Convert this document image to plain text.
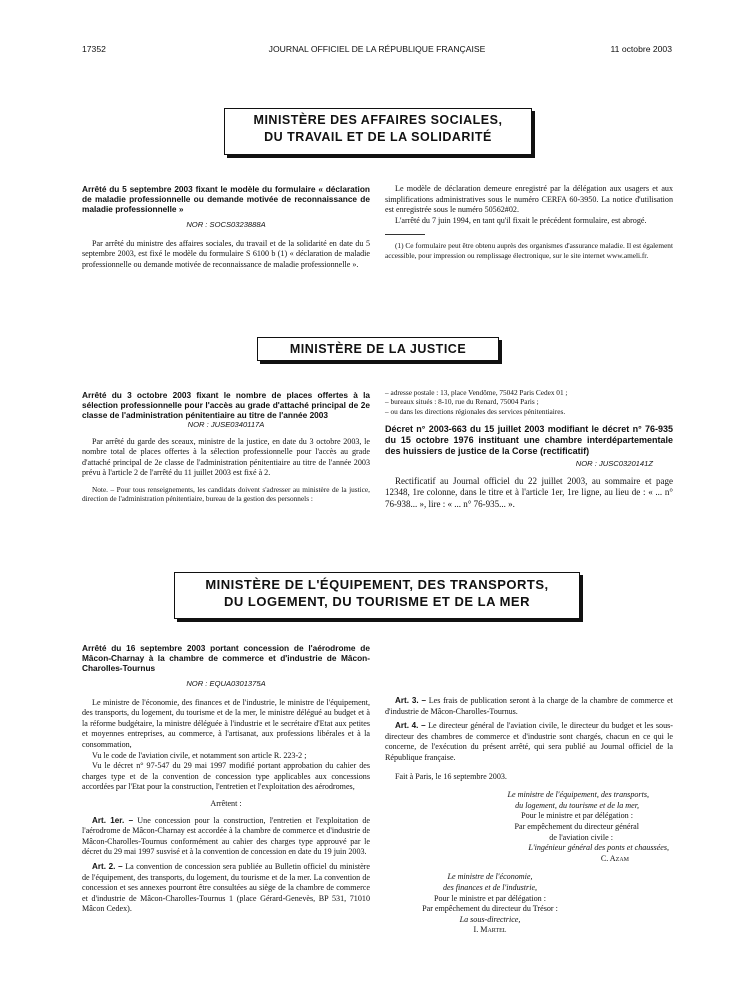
17352	JOURNAL OFFICIEL DE LA RÉPUBLIQUE FRANÇAISE	11 octobre 2003
MINISTÈRE DES AFFAIRES SOCIALES,
DU TRAVAIL ET DE LA SOLIDARITÉ

Arrêté du 5 septembre 2003 fixant le modèle du formulaire « déclaration de maladie professionnelle ou demande motivée de reconnaissance de maladie professionnelle »

NOR : SOCS0323888A

Par arrêté du ministre des affaires sociales, du travail et de la solidarité en date du 5 septembre 2003, est fixé le modèle du formulaire S 6100 b (1) « déclaration de maladie professionnelle ou demande motivée de reconnaissance de maladie professionnelle ».

Le modèle de déclaration demeure enregistré par la délégation aux usagers et aux simplifications administratives sous le numéro CERFA 60-3950. La notice d'utilisation est enregistrée sous le numéro 50562#02.

L'arrêté du 7 juin 1994, en tant qu'il fixait le précédent formulaire, est abrogé.

(1) Ce formulaire peut être obtenu auprès des organismes d'assurance maladie. Il est également accessible, pour impression ou remplissage électronique, sur le site internet www.ameli.fr.

MINISTÈRE DE LA JUSTICE

Arrêté du 3 octobre 2003 fixant le nombre de places offertes à la sélection professionnelle pour l'accès au grade d'attaché principal de 2e classe de l'administration pénitentiaire au titre de l'année 2003

NOR : JUSE0340117A

Par arrêté du garde des sceaux, ministre de la justice, en date du 3 octobre 2003, le nombre total de places offertes à la sélection professionnelle pour l'accès au grade d'attaché principal de 2e classe de l'administration pénitentiaire au titre de l'année 2003 prévu à l'article 2 de l'arrêté du 11 juillet 2003 est fixé à 2.

Note. – Pour tous renseignements, les candidats doivent s'adresser au ministère de la justice, direction de l'administration pénitentiaire, bureau de la gestion des personnels :

– adresse postale : 13, place Vendôme, 75042 Paris Cedex 01 ;

– bureaux situés : 8-10, rue du Renard, 75004 Paris ;

– ou dans les directions régionales des services pénitentiaires.

Décret n° 2003-663 du 15 juillet 2003 modifiant le décret n° 76-935 du 15 octobre 1976 instituant une chambre interdépartementale des huissiers de justice de la Corse (rectificatif)

NOR : JUSC0320141Z

Rectificatif au Journal officiel du 22 juillet 2003, au sommaire et page 12348, 1re colonne, dans le titre et à l'article 1er, 1re ligne, au lieu de : « ... n° 76-938... », lire : « ... n° 76-935... ».

MINISTÈRE DE L'ÉQUIPEMENT, DES TRANSPORTS,
DU LOGEMENT, DU TOURISME ET DE LA MER

Arrêté du 16 septembre 2003 portant concession de l'aérodrome de Mâcon-Charnay à la chambre de commerce et d'industrie de Mâcon-Charolles-Tournus

NOR : EQUA0301375A

Le ministre de l'économie, des finances et de l'industrie, le ministre de l'équipement, des transports, du logement, du tourisme et de la mer, le ministre délégué au budget et à la réforme budgétaire, la ministre déléguée à l'industrie et le secrétaire d'Etat aux petites et moyennes entreprises, au commerce, à l'artisanat, aux professions libérales et à la consommation,

Vu le code de l'aviation civile, et notamment son article R. 223-2 ;

Vu le décret n° 97-547 du 29 mai 1997 modifié portant approbation du cahier des charges type et de la convention de concession type applicables aux concessions accordées par l'Etat pour la construction, l'entretien et l'exploitation des aérodromes,

Arrêtent :

Art. 1er. – Une concession pour la construction, l'entretien et l'exploitation de l'aérodrome de Mâcon-Charnay est accordée à la chambre de commerce et d'industrie de Mâcon-Charolles-Tournus conformément au cahier des charges type approuvé par le décret du 29 mai 1997 susvisé et à la convention de concession en date du 19 juin 2003.

Art. 2. – La convention de concession sera publiée au Bulletin officiel du ministère de l'équipement, des transports, du logement, du tourisme et de la mer. La convention de concession et ses annexes pourront être consultées au siège de la chambre de commerce et d'industrie de Mâcon-Charolles-Tournus 1 (place Gérard-Genevès, BP 531, 71010 Mâcon Cedex).

Art. 3. – Les frais de publication seront à la charge de la chambre de commerce et d'industrie de Mâcon-Charolles-Tournus.

Art. 4. – Le directeur général de l'aviation civile, le directeur du budget et les sous-directeur des chambres de commerce et d'industrie sont chargés, chacun en ce qui le concerne, de l'exécution du présent arrêté, qui sera publié au Journal officiel de la République française.

Fait à Paris, le 16 septembre 2003.

Le ministre de l'équipement, des transports,
du logement, du tourisme et de la mer,
Pour le ministre et par délégation :
Par empêchement du directeur général
de l'aviation civile :
L'ingénieur général des ponts et chaussées,
C. Azam
Le ministre de l'économie,
des finances et de l'industrie,
Pour le ministre et par délégation :
Par empêchement du directeur du Trésor :
La sous-directrice,
I. Martel
